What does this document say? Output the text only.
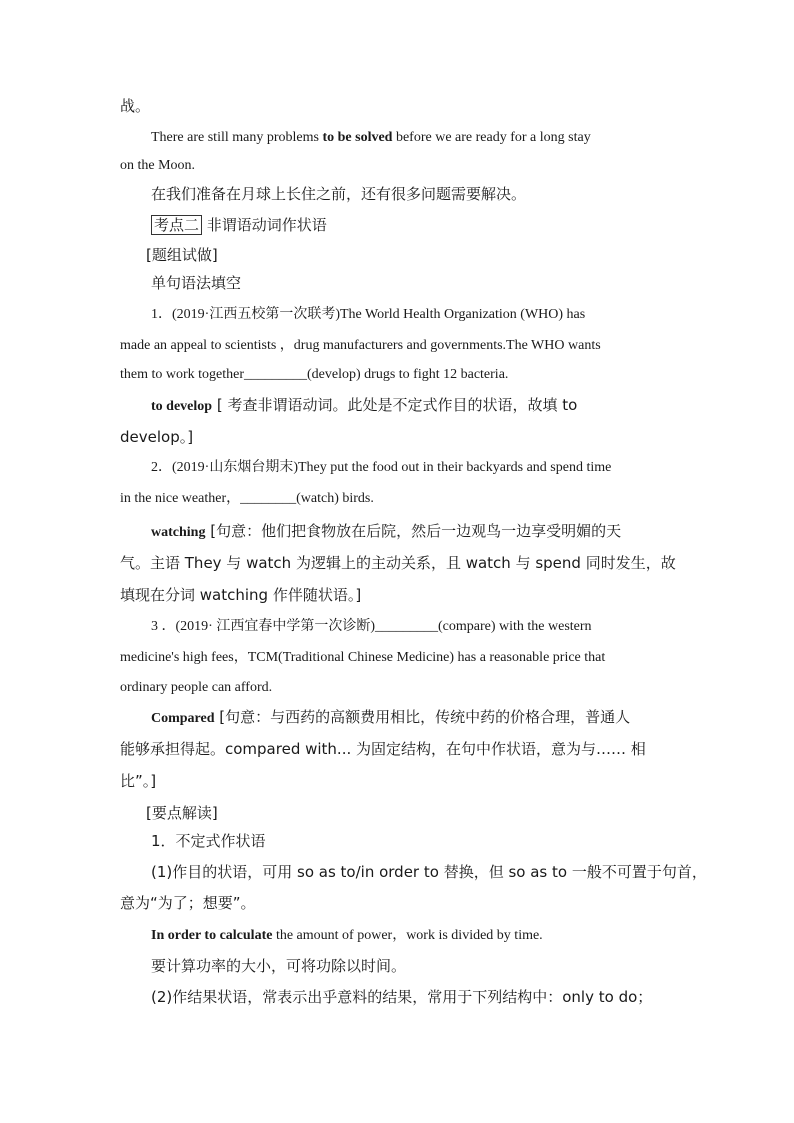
战。
There are still many problems to be solved before we are ready for a long stay
on the Moon.
在我们准备在月球上长住之前，还有很多问题需要解决。
考点二 非谓语动词作状语
[题组试做]
单句语法填空
1．(2019·江西五校第一次联考)The World Health Organization (WHO) has
made an appeal to scientists ，drug manufacturers and governments.The WHO wants
them to work together_________(develop) drugs to fight 12 bacteria.
to develop [ 考查非谓语动词。此处是不定式作目的状语，故填 to
develop。]
2．(2019·山东烟台期末)They put the food out in their backyards and spend time
in the nice weather，________(watch) birds.
watching [句意：他们把食物放在后院，然后一边观鸟一边享受明媚的天
气。主语 They 与 watch 为逻辑上的主动关系，且 watch 与 spend 同时发生，故
填现在分词 watching 作伴随状语。]
3 ．(2019· 江西宜春中学第一次诊断)_________(compare) with the western
medicine's high fees，TCM(Traditional Chinese Medicine) has a reasonable price that
ordinary people can afford.
Compared [句意：与西药的高额费用相比，传统中药的价格合理，普通人
能够承担得起。compared with... 为固定结构，在句中作状语，意为与…… 相
比”。]
[要点解读]
1．不定式作状语
(1)作目的状语，可用 so as to/in order to 替换，但 so as to 一般不可置于句首，
意为“为了；想要”。
In order to calculate the amount of power，work is divided by time.
要计算功率的大小，可将功除以时间。
(2)作结果状语，常表示出乎意料的结果，常用于下列结构中：only to do；
